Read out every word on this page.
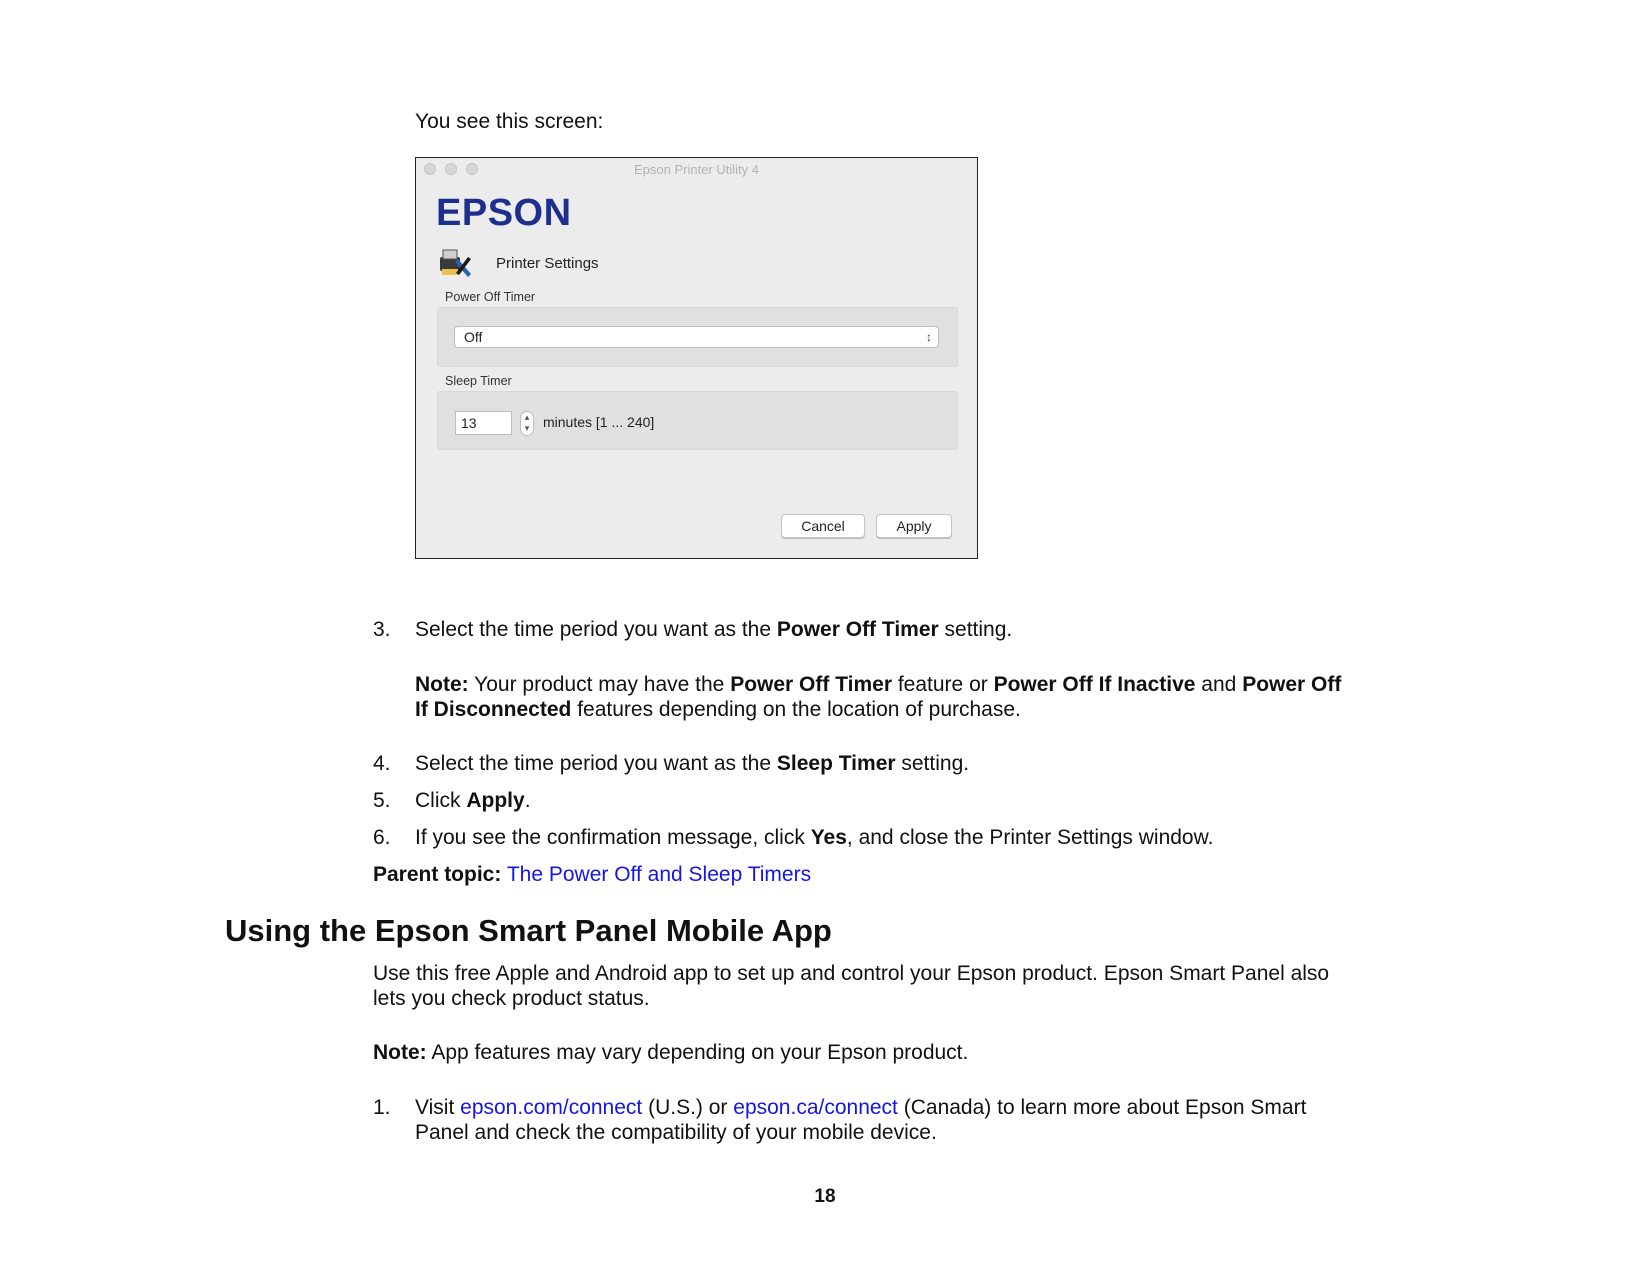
You see this screen:
Epson Printer Utility 4
EPSON
Printer Settings
Power Off Timer
Off	↕
Sleep Timer
13	▴
▾ minutes [1 ... 240]
Cancel	Apply
3. Select the time period you want as the Power Off Timer setting.
Note: Your product may have the Power Off Timer feature or Power Off If Inactive and Power Off
If Disconnected features depending on the location of purchase.
4. Select the time period you want as the Sleep Timer setting.
5. Click Apply.
6. If you see the confirmation message, click Yes, and close the Printer Settings window.
Parent topic: The Power Off and Sleep Timers
Using the Epson Smart Panel Mobile App
Use this free Apple and Android app to set up and control your Epson product. Epson Smart Panel also
lets you check product status.
Note: App features may vary depending on your Epson product.
1. Visit epson.com/connect (U.S.) or epson.ca/connect (Canada) to learn more about Epson Smart
Panel and check the compatibility of your mobile device.
18
